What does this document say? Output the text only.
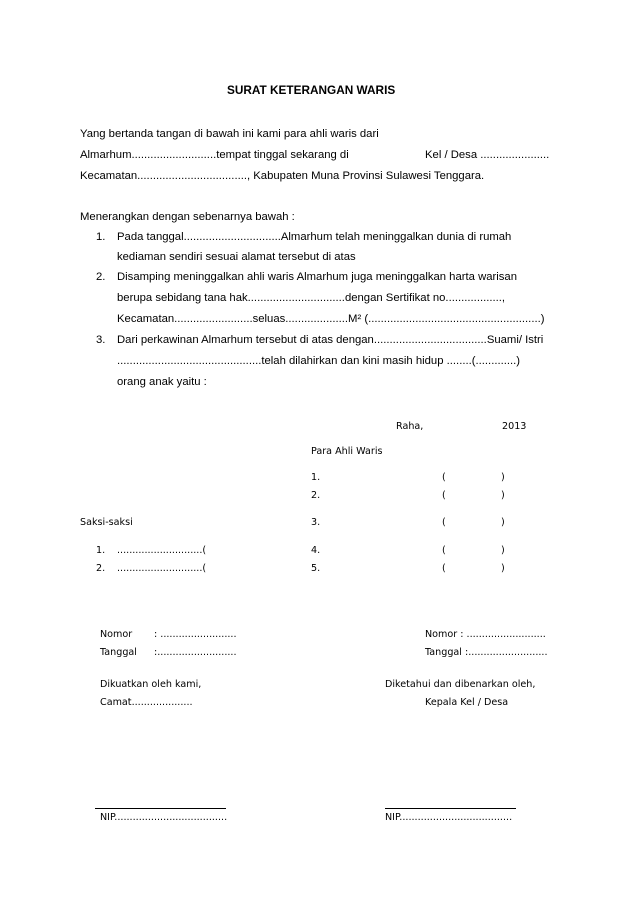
SURAT KETERANGAN WARIS
Yang bertanda tangan di bawah ini kami para ahli waris dari
Almarhum...........................tempat tinggal sekarang di	Kel / Desa ......................
Kecamatan..................................., Kabupaten Muna Provinsi Sulawesi Tenggara.
Menerangkan dengan sebenarnya bawah :
1. Pada tanggal...............................Almarhum telah meninggalkan dunia di rumah
kediaman sendiri sesuai alamat tersebut di atas
2. Disamping meninggalkan ahli waris Almarhum juga meninggalkan harta warisan
berupa sebidang tana hak...............................dengan Sertifikat no..................,
Kecamatan.........................seluas....................M² (.......................................................)
3. Dari perkawinan Almarhum tersebut di atas dengan....................................Suami/ Istri
..............................................telah dilahirkan dan kini masih hidup ........(.............)
orang anak yaitu :
Raha,	2013
Para Ahli Waris
1.	(	)
2.	(	)
Saksi-saksi	3.	(	)
1. ............................(	4.	(	)
2. ............................(	5.	(	)
Nomor : .........................
Tanggal :..........................
Dikuatkan oleh kami,
Camat....................
Nomor : ..........................
Tanggal :..........................
Diketahui dan dibenarkan oleh,
Kepala Kel / Desa
NIP.....................................	NIP.....................................
